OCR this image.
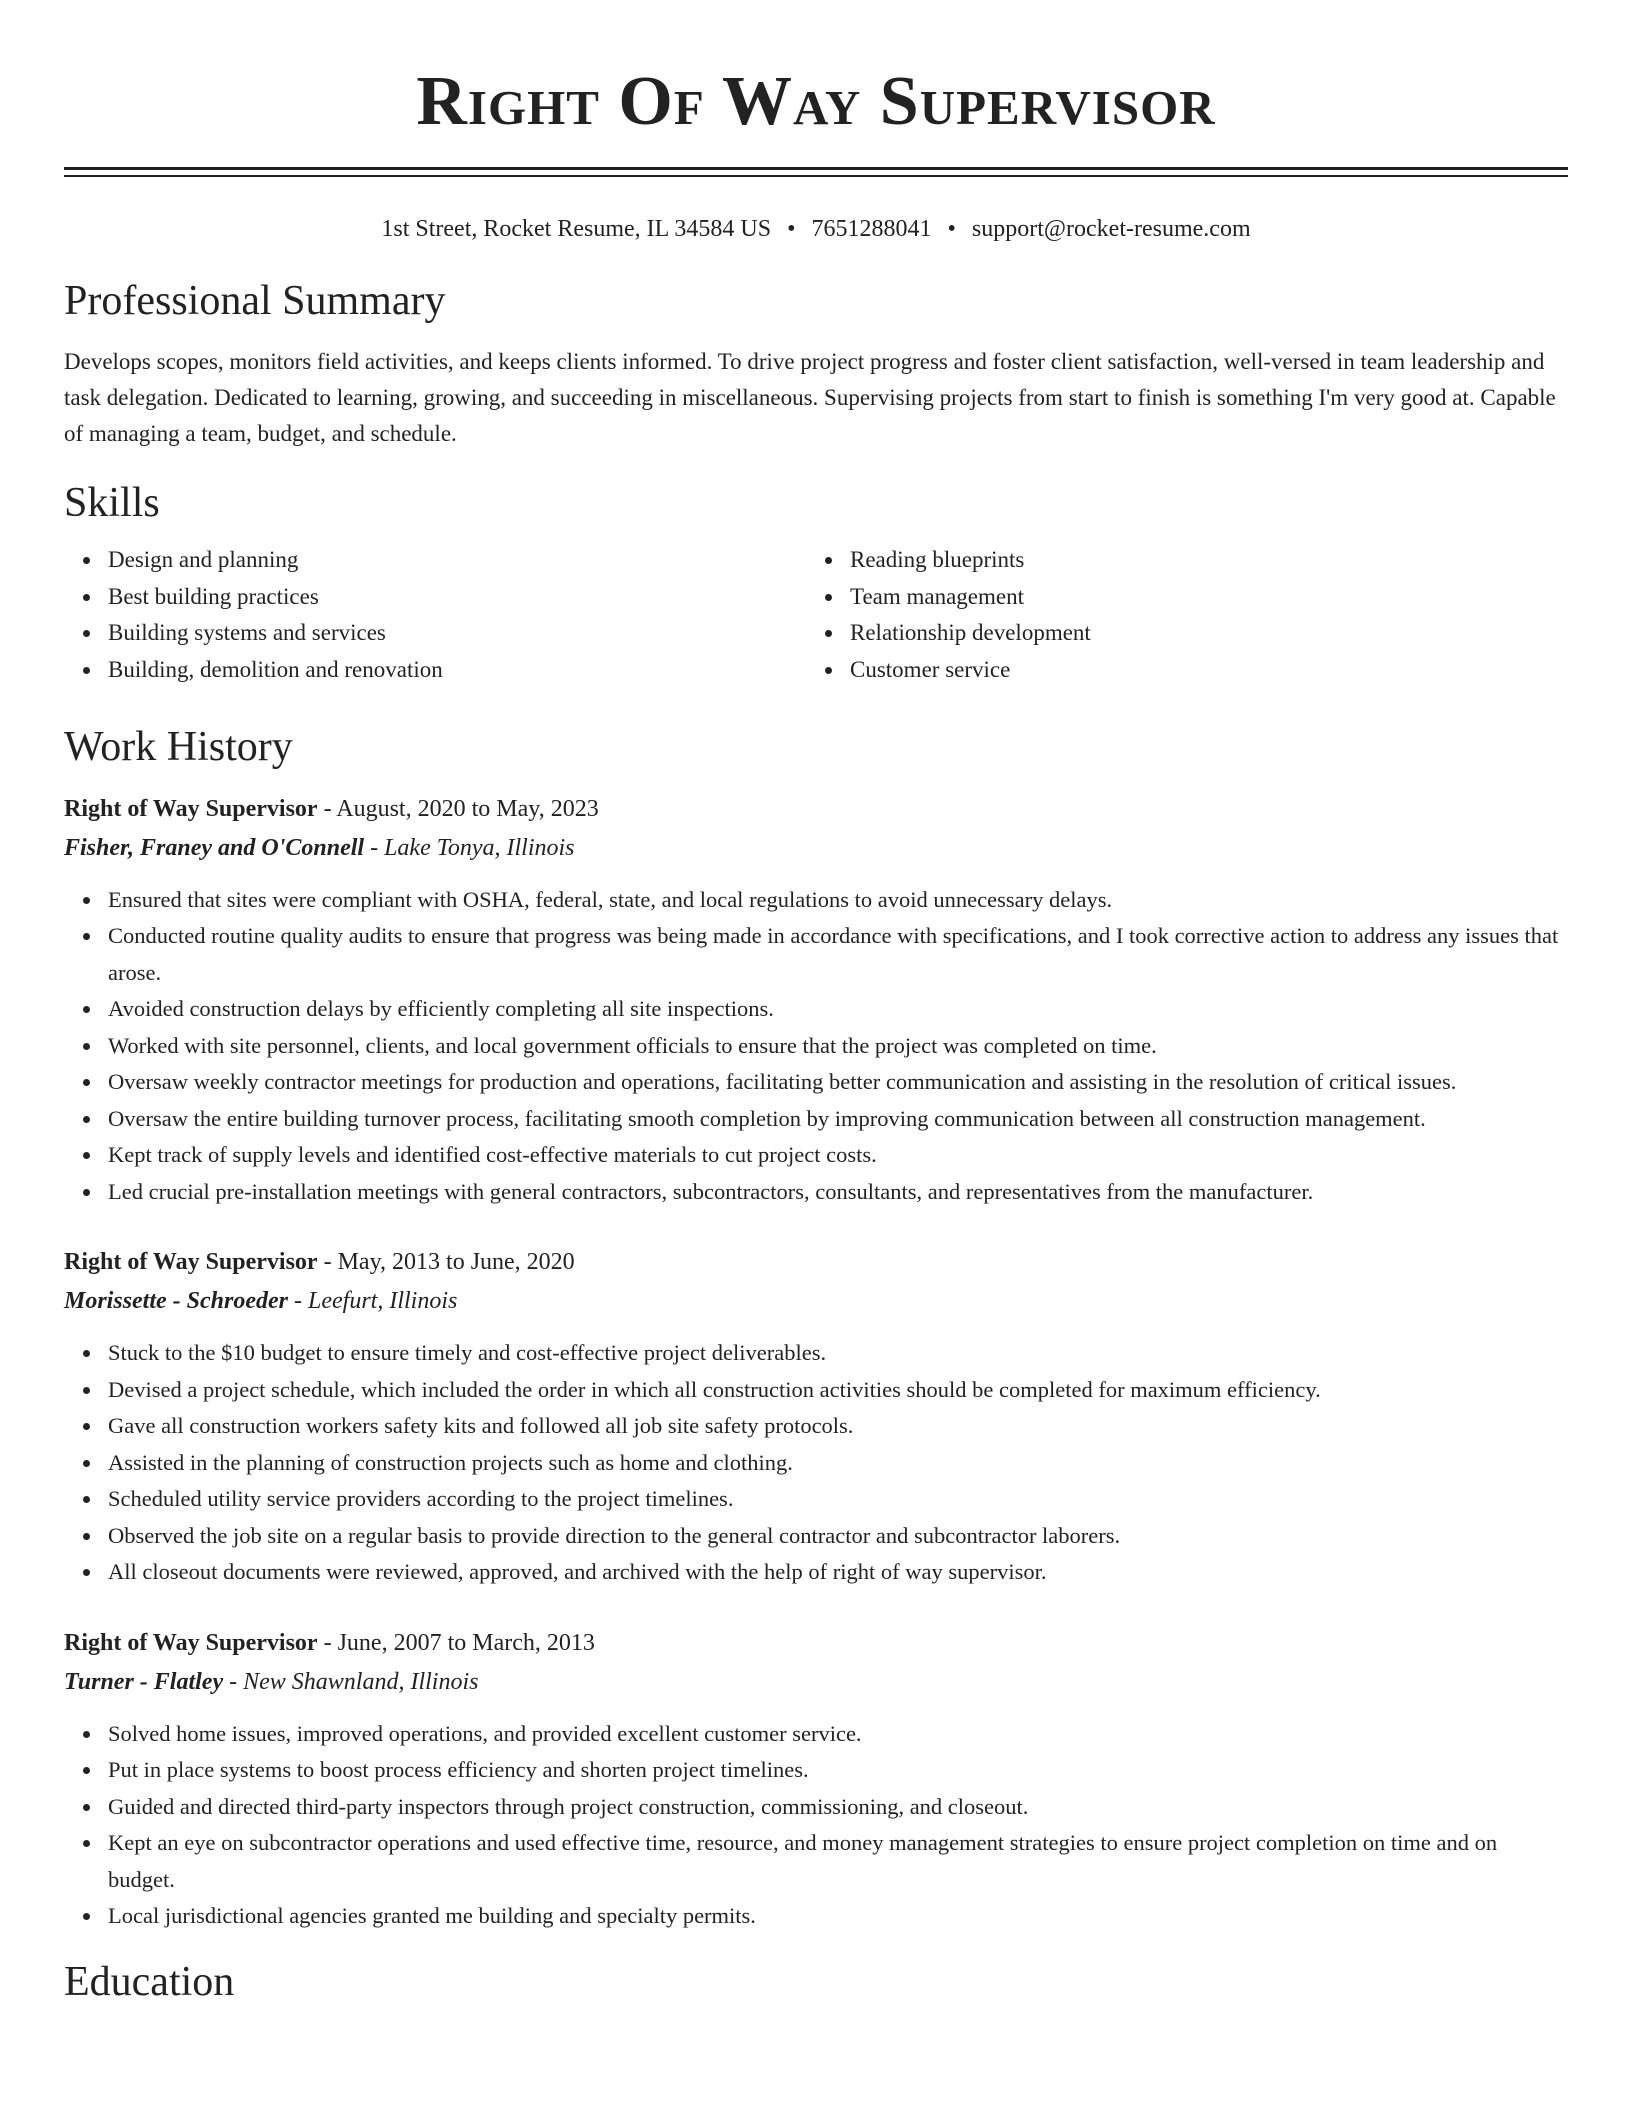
Right Of Way Supervisor
1st Street, Rocket Resume, IL 34584 US • 7651288041 • support@rocket-resume.com
Professional Summary

Develops scopes, monitors field activities, and keeps clients informed. To drive project progress and foster client satisfaction, well-versed in team leadership and task delegation. Dedicated to learning, growing, and succeeding in miscellaneous. Supervising projects from start to finish is something I'm very good at. Capable of managing a team, budget, and schedule.

Skills
Design and planning
Best building practices
Building systems and services
Building, demolition and renovation
Reading blueprints
Team management
Relationship development
Customer service
Work History
Right of Way Supervisor - August, 2020 to May, 2023
Fisher, Franey and O'Connell - Lake Tonya, Illinois
Ensured that sites were compliant with OSHA, federal, state, and local regulations to avoid unnecessary delays.
Conducted routine quality audits to ensure that progress was being made in accordance with specifications, and I took corrective action to address any issues that arose.
Avoided construction delays by efficiently completing all site inspections.
Worked with site personnel, clients, and local government officials to ensure that the project was completed on time.
Oversaw weekly contractor meetings for production and operations, facilitating better communication and assisting in the resolution of critical issues.
Oversaw the entire building turnover process, facilitating smooth completion by improving communication between all construction management.
Kept track of supply levels and identified cost-effective materials to cut project costs.
Led crucial pre-installation meetings with general contractors, subcontractors, consultants, and representatives from the manufacturer.
Right of Way Supervisor - May, 2013 to June, 2020
Morissette - Schroeder - Leefurt, Illinois
Stuck to the $10 budget to ensure timely and cost-effective project deliverables.
Devised a project schedule, which included the order in which all construction activities should be completed for maximum efficiency.
Gave all construction workers safety kits and followed all job site safety protocols.
Assisted in the planning of construction projects such as home and clothing.
Scheduled utility service providers according to the project timelines.
Observed the job site on a regular basis to provide direction to the general contractor and subcontractor laborers.
All closeout documents were reviewed, approved, and archived with the help of right of way supervisor.
Right of Way Supervisor - June, 2007 to March, 2013
Turner - Flatley - New Shawnland, Illinois
Solved home issues, improved operations, and provided excellent customer service.
Put in place systems to boost process efficiency and shorten project timelines.
Guided and directed third-party inspectors through project construction, commissioning, and closeout.
Kept an eye on subcontractor operations and used effective time, resource, and money management strategies to ensure project completion on time and on budget.
Local jurisdictional agencies granted me building and specialty permits.
Education
